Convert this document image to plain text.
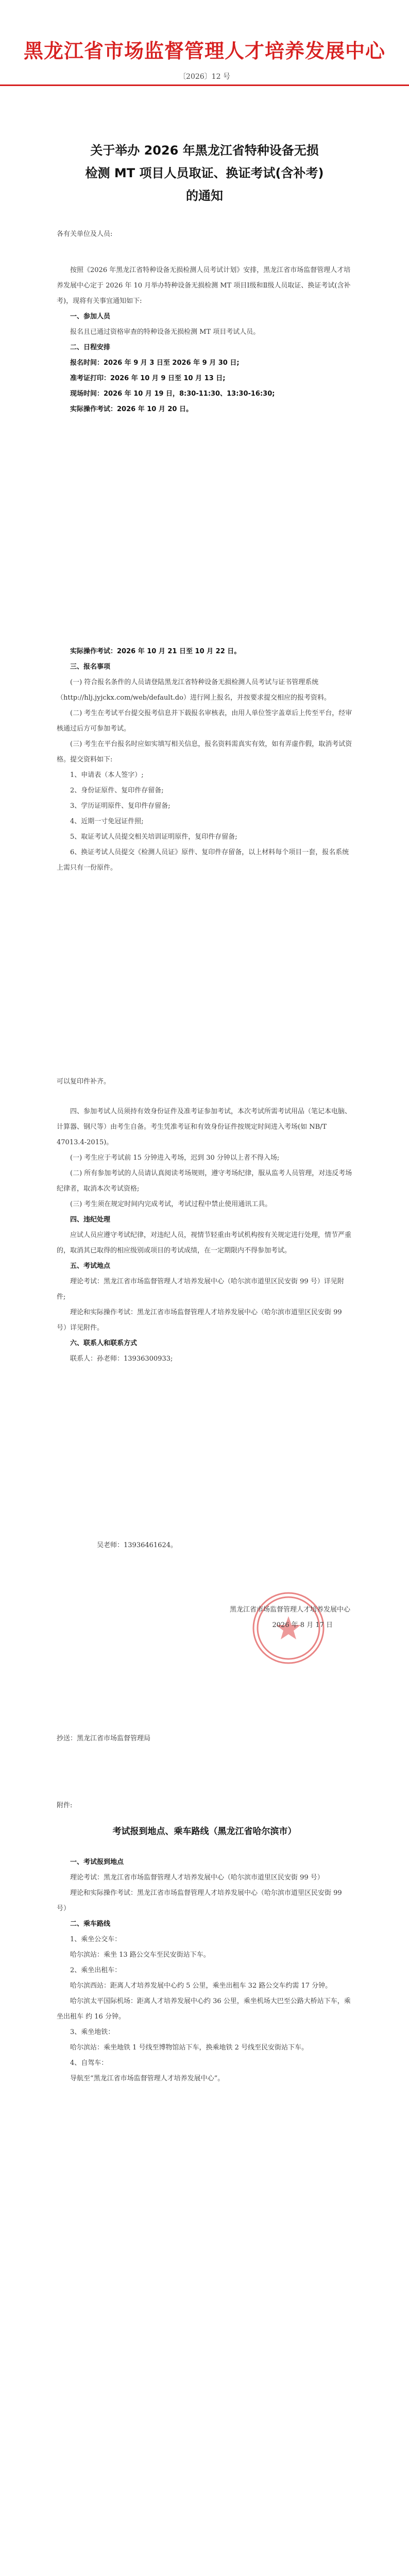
黑龙江省市场监督管理人才培养发展中心
〔2026〕12 号
关于举办 2026 年黑龙江省特种设备无损
检测 MT 项目人员取证、换证考试(含补考)
的通知

各有关单位及人员:

按照《2026 年黑龙江省特种设备无损检测人员考试计划》安排，黑龙江省市场监督管理人才培养发展中心定于 2026 年 10 月举办特种设备无损检测 MT 项目Ⅰ级和Ⅱ级人员取证、换证考试(含补考)，现将有关事宜通知如下:

一、参加人员

报名且已通过资格审查的特种设备无损检测 MT 项目考试人员。

二、日程安排

报名时间：2026 年 9 月 3 日至 2026 年 9 月 30 日;

准考证打印：2026 年 10 月 9 日至 10 月 13 日;

现场时间：2026 年 10 月 19 日，8:30-11:30、13:30-16:30;

实际操作考试：2026 年 10 月 20 日。

实际操作考试：2026 年 10 月 21 日至 10 月 22 日。

三、报名事项

(一) 符合报名条件的人员请登陆黑龙江省特种设备无损检测人员考试与证书管理系统（http://hlj.jyjckx.com/web/default.do）进行网上报名，并按要求提交相应的报考资料。

(二) 考生在考试平台提交报考信息并下载报名审核表，由用人单位签字盖章后上传至平台，经审核通过后方可参加考试。

(三) 考生在平台报名时应如实填写相关信息，报名资料需真实有效，如有弄虚作假，取消考试资格。提交资料如下:

1、申请表（本人签字）;

2、身份证原件、复印件存留备;

3、学历证明原件、复印件存留备;

4、近期一寸免冠证件照;

5、取证考试人员提交相关培训证明原件，复印件存留备;

6、换证考试人员提交《检测人员证》原件、复印件存留备，以上材料每个项目一套，报名系统上需只有一份原件。

可以复印件补齐。

四、参加考试人员须持有效身份证件及准考证参加考试，本次考试所需考试用品（笔记本电脑、计算器、钢尺等）由考生自备。考生凭准考证和有效身份证件按规定时间进入考场(如 NB/T 47013.4-2015)。

(一) 考生应于考试前 15 分钟进入考场，迟到 30 分钟以上者不得入场;

(二) 所有参加考试的人员请认真阅读考场规则，遵守考场纪律，服从监考人员管理，对违反考场纪律者，取消本次考试资格;

(三) 考生须在规定时间内完成考试，考试过程中禁止使用通讯工具。

四、违纪处理

应试人员应遵守考试纪律，对违纪人员，视情节轻重由考试机构按有关规定进行处理，情节严重的，取消其已取得的相应级别或项目的考试成绩，在一定期限内不得参加考试。

五、考试地点

理论考试：黑龙江省市场监督管理人才培养发展中心（哈尔滨市道里区民安街 99 号）详见附件;

理论和实际操作考试：黑龙江省市场监督管理人才培养发展中心（哈尔滨市道里区民安街 99 号）详见附件。

六、联系人和联系方式

联系人：孙老师：13936300933;

吴老师：13936461624。

黑龙江省市场监督管理人才培养发展中心

2026 年 8 月 17 日

抄送：黑龙江省市场监督管理局

附件:

考试报到地点、乘车路线（黑龙江省哈尔滨市）

一、考试报到地点

理论考试：黑龙江省市场监督管理人才培养发展中心（哈尔滨市道里区民安街 99 号）

理论和实际操作考试：黑龙江省市场监督管理人才培养发展中心（哈尔滨市道里区民安街 99 号）

二、乘车路线

1、乘坐公交车：

哈尔滨站：乘坐 13 路公交车至民安街站下车。

2、乘坐出租车：

哈尔滨西站：距离人才培养发展中心约 5 公里，乘坐出租车 32 路公交车约需 17 分钟。

哈尔滨太平国际机场：距离人才培养发展中心约 36 公里，乘坐机场大巴至公路大桥站下车，乘坐出租车 约 16 分钟。

3、乘坐地铁：

哈尔滨站：乘坐地铁 1 号线至博物馆站下车，换乘地铁 2 号线至民安街站下车。

4、自驾车：

导航至“黑龙江省市场监督管理人才培养发展中心”。
